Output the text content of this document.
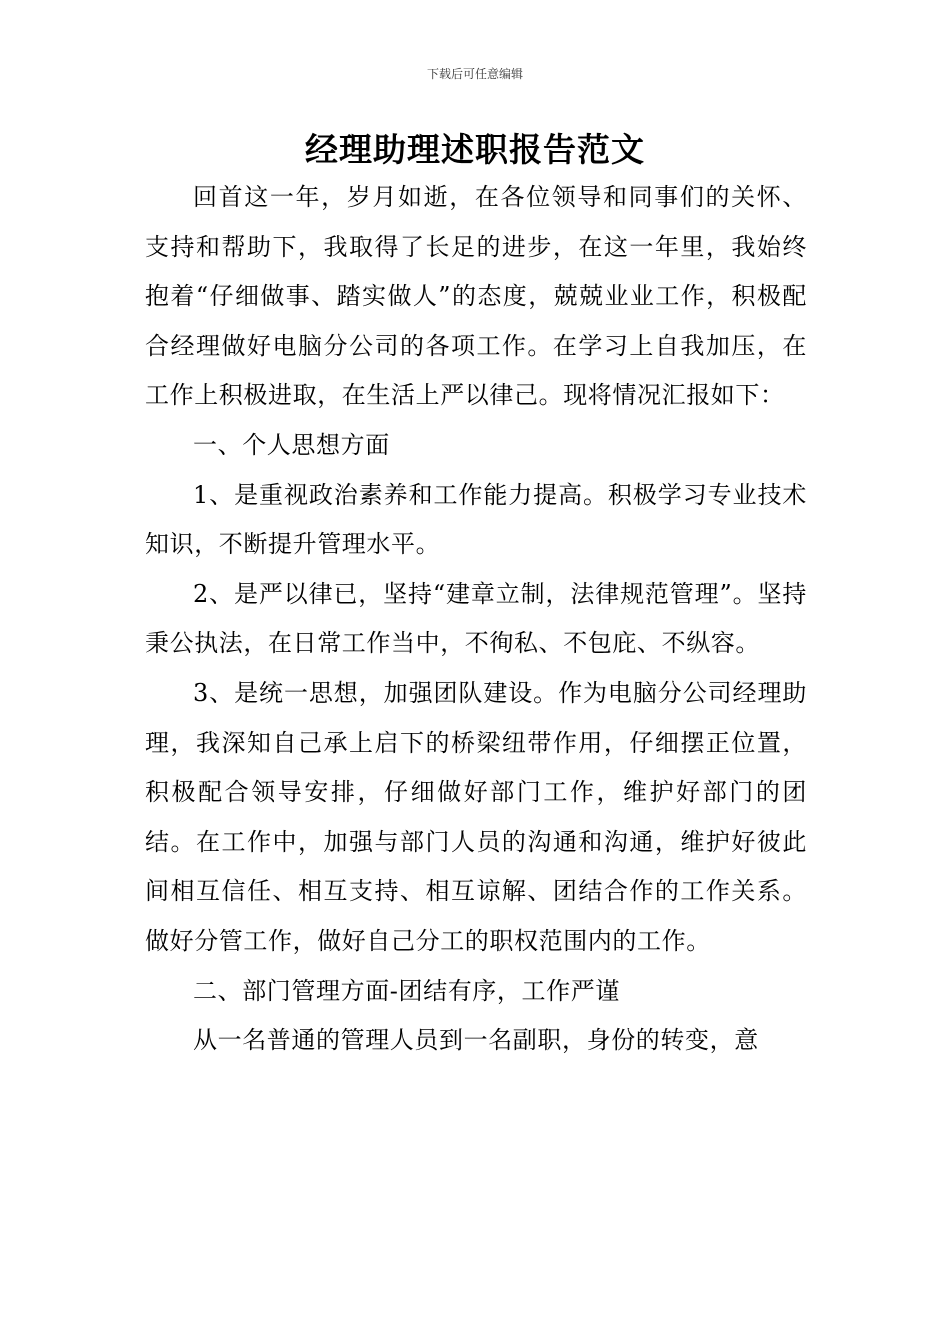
下载后可任意编辑
经理助理述职报告范文

回首这一年，岁月如逝，在各位领导和同事们的关怀、支持和帮助下，我取得了长足的进步，在这一年里，我始终抱着“仔细做事、踏实做人”的态度，兢兢业业工作，积极配合经理做好电脑分公司的各项工作。在学习上自我加压，在工作上积极进取，在生活上严以律己。现将情况汇报如下：

一、个人思想方面

1、是重视政治素养和工作能力提高。积极学习专业技术知识，不断提升管理水平。

2、是严以律已，坚持“建章立制，法律规范管理”。坚持秉公执法，在日常工作当中，不徇私、不包庇、不纵容。

3、是统一思想，加强团队建设。作为电脑分公司经理助理，我深知自己承上启下的桥梁纽带作用，仔细摆正位置，积极配合领导安排，仔细做好部门工作，维护好部门的团结。在工作中，加强与部门人员的沟通和沟通，维护好彼此间相互信任、相互支持、相互谅解、团结合作的工作关系。做好分管工作，做好自己分工的职权范围内的工作。

二、部门管理方面-团结有序，工作严谨

从一名普通的管理人员到一名副职，身份的转变，意
